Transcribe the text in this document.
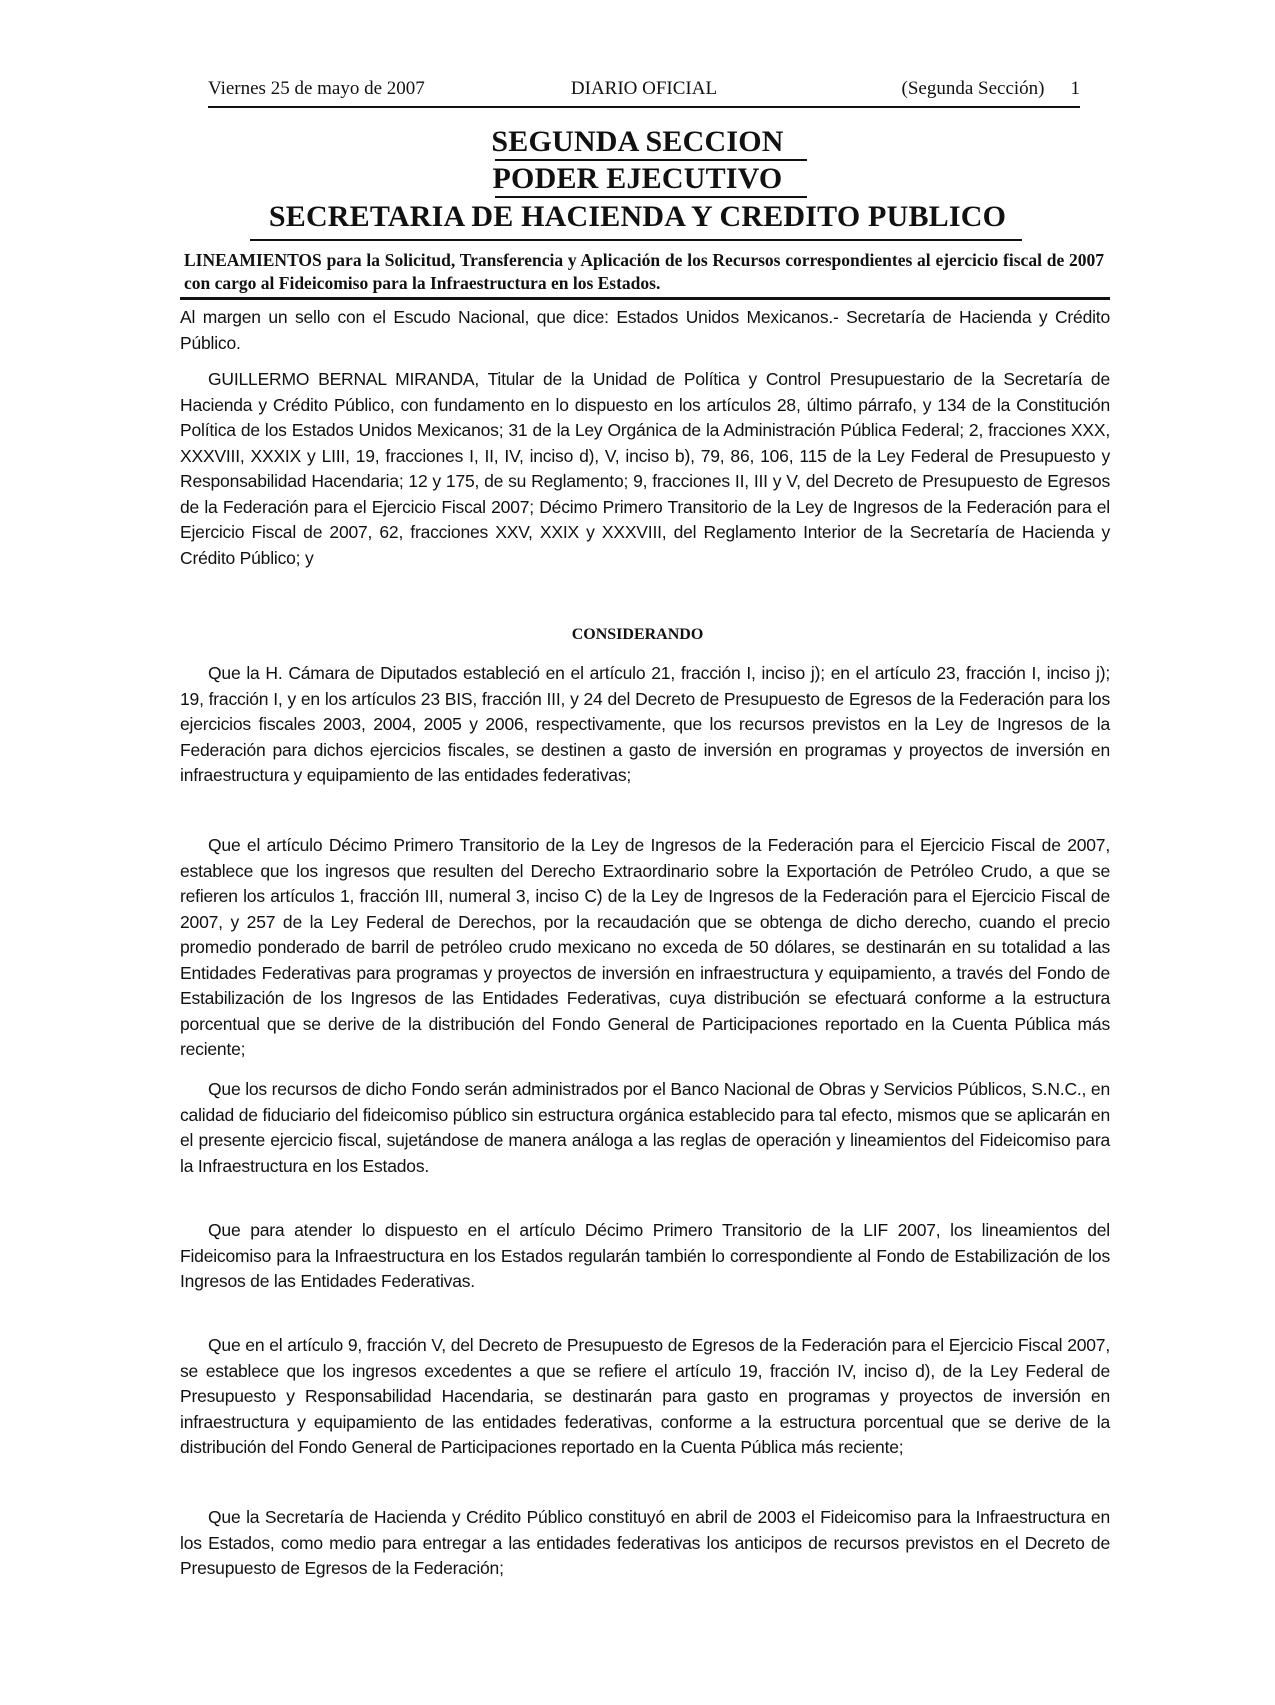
Viernes 25 de mayo de 2007	DIARIO OFICIAL	(Segunda Sección) 1
SEGUNDA SECCION
PODER EJECUTIVO
SECRETARIA DE HACIENDA Y CREDITO PUBLICO
LINEAMIENTOS para la Solicitud, Transferencia y Aplicación de los Recursos correspondientes al ejercicio fiscal de 2007 con cargo al Fideicomiso para la Infraestructura en los Estados.

Al margen un sello con el Escudo Nacional, que dice: Estados Unidos Mexicanos.- Secretaría de Hacienda y Crédito Público.

GUILLERMO BERNAL MIRANDA, Titular de la Unidad de Política y Control Presupuestario de la Secretaría de Hacienda y Crédito Público, con fundamento en lo dispuesto en los artículos 28, último párrafo, y 134 de la Constitución Política de los Estados Unidos Mexicanos; 31 de la Ley Orgánica de la Administración Pública Federal; 2, fracciones XXX, XXXVIII, XXXIX y LIII, 19, fracciones I, II, IV, inciso d), V, inciso b), 79, 86, 106, 115 de la Ley Federal de Presupuesto y Responsabilidad Hacendaria; 12 y 175, de su Reglamento; 9, fracciones II, III y V, del Decreto de Presupuesto de Egresos de la Federación para el Ejercicio Fiscal 2007; Décimo Primero Transitorio de la Ley de Ingresos de la Federación para el Ejercicio Fiscal de 2007, 62, fracciones XXV, XXIX y XXXVIII, del Reglamento Interior de la Secretaría de Hacienda y Crédito Público; y

CONSIDERANDO

Que la H. Cámara de Diputados estableció en el artículo 21, fracción I, inciso j); en el artículo 23, fracción I, inciso j); 19, fracción I, y en los artículos 23 BIS, fracción III, y 24 del Decreto de Presupuesto de Egresos de la Federación para los ejercicios fiscales 2003, 2004, 2005 y 2006, respectivamente, que los recursos previstos en la Ley de Ingresos de la Federación para dichos ejercicios fiscales, se destinen a gasto de inversión en programas y proyectos de inversión en infraestructura y equipamiento de las entidades federativas;

Que el artículo Décimo Primero Transitorio de la Ley de Ingresos de la Federación para el Ejercicio Fiscal de 2007, establece que los ingresos que resulten del Derecho Extraordinario sobre la Exportación de Petróleo Crudo, a que se refieren los artículos 1, fracción III, numeral 3, inciso C) de la Ley de Ingresos de la Federación para el Ejercicio Fiscal de 2007, y 257 de la Ley Federal de Derechos, por la recaudación que se obtenga de dicho derecho, cuando el precio promedio ponderado de barril de petróleo crudo mexicano no exceda de 50 dólares, se destinarán en su totalidad a las Entidades Federativas para programas y proyectos de inversión en infraestructura y equipamiento, a través del Fondo de Estabilización de los Ingresos de las Entidades Federativas, cuya distribución se efectuará conforme a la estructura porcentual que se derive de la distribución del Fondo General de Participaciones reportado en la Cuenta Pública más reciente;

Que los recursos de dicho Fondo serán administrados por el Banco Nacional de Obras y Servicios Públicos, S.N.C., en calidad de fiduciario del fideicomiso público sin estructura orgánica establecido para tal efecto, mismos que se aplicarán en el presente ejercicio fiscal, sujetándose de manera análoga a las reglas de operación y lineamientos del Fideicomiso para la Infraestructura en los Estados.

Que para atender lo dispuesto en el artículo Décimo Primero Transitorio de la LIF 2007, los lineamientos del Fideicomiso para la Infraestructura en los Estados regularán también lo correspondiente al Fondo de Estabilización de los Ingresos de las Entidades Federativas.

Que en el artículo 9, fracción V, del Decreto de Presupuesto de Egresos de la Federación para el Ejercicio Fiscal 2007, se establece que los ingresos excedentes a que se refiere el artículo 19, fracción IV, inciso d), de la Ley Federal de Presupuesto y Responsabilidad Hacendaria, se destinarán para gasto en programas y proyectos de inversión en infraestructura y equipamiento de las entidades federativas, conforme a la estructura porcentual que se derive de la distribución del Fondo General de Participaciones reportado en la Cuenta Pública más reciente;

Que la Secretaría de Hacienda y Crédito Público constituyó en abril de 2003 el Fideicomiso para la Infraestructura en los Estados, como medio para entregar a las entidades federativas los anticipos de recursos previstos en el Decreto de Presupuesto de Egresos de la Federación;
